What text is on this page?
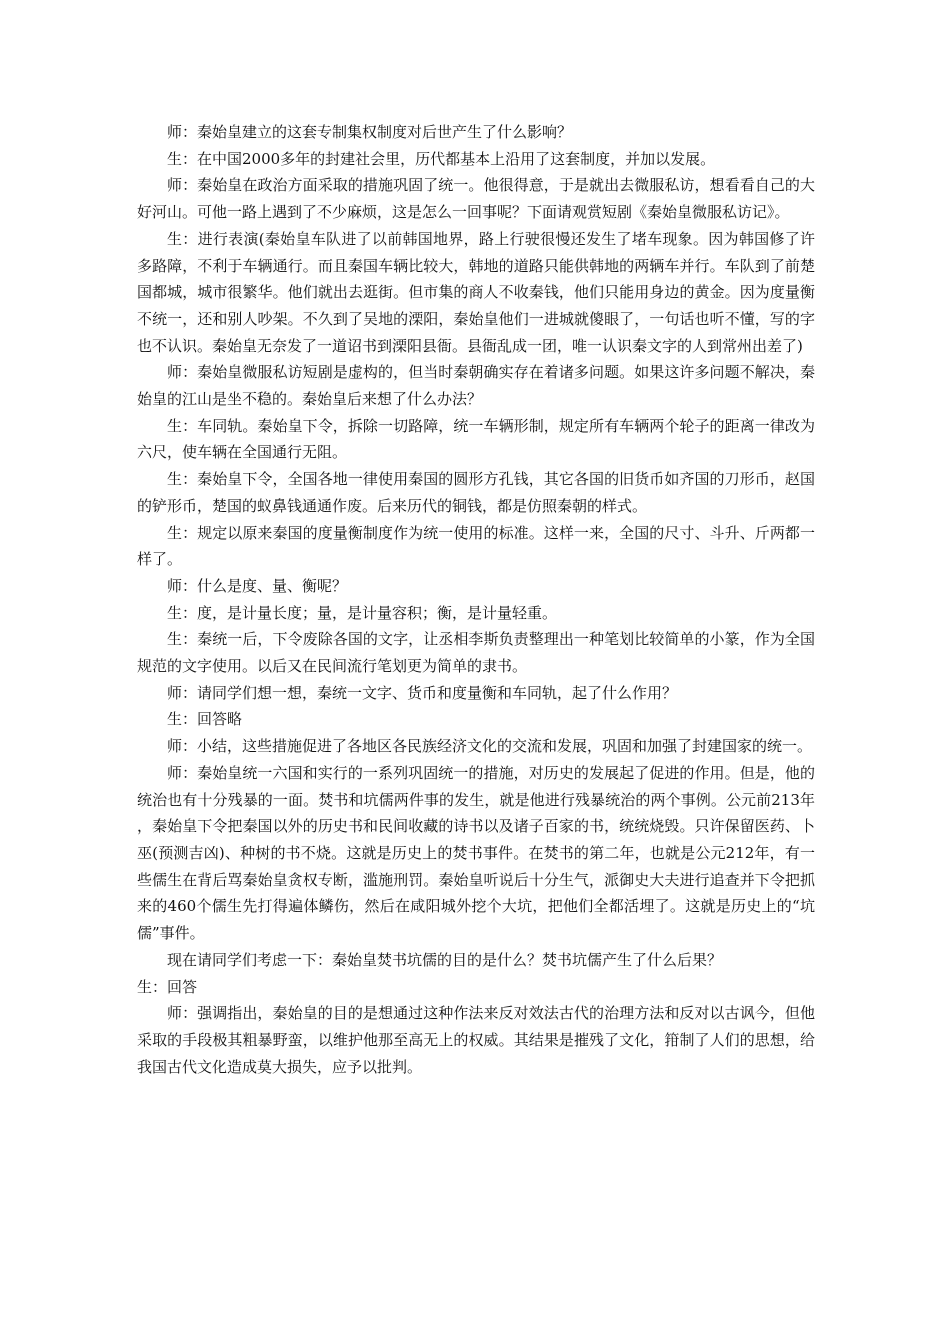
师：秦始皇建立的这套专制集权制度对后世产生了什么影响？

生：在中国2000多年的封建社会里，历代都基本上沿用了这套制度，并加以发展。

师：秦始皇在政治方面采取的措施巩固了统一。他很得意，于是就出去微服私访，想看看自己的大好河山。可他一路上遇到了不少麻烦，这是怎么一回事呢？下面请观赏短剧《秦始皇微服私访记》。

生：进行表演(秦始皇车队进了以前韩国地界，路上行驶很慢还发生了堵车现象。因为韩国修了许多路障，不利于车辆通行。而且秦国车辆比较大，韩地的道路只能供韩地的两辆车并行。车队到了前楚国都城，城市很繁华。他们就出去逛街。但市集的商人不收秦钱，他们只能用身边的黄金。因为度量衡不统一，还和别人吵架。不久到了吴地的溧阳，秦始皇他们一进城就傻眼了，一句话也听不懂，写的字也不认识。秦始皇无奈发了一道诏书到溧阳县衙。县衙乱成一团，唯一认识秦文字的人到常州出差了)

师：秦始皇微服私访短剧是虚构的，但当时秦朝确实存在着诸多问题。如果这许多问题不解决，秦始皇的江山是坐不稳的。秦始皇后来想了什么办法？

生：车同轨。秦始皇下令，拆除一切路障，统一车辆形制，规定所有车辆两个轮子的距离一律改为六尺，使车辆在全国通行无阻。

生：秦始皇下令，全国各地一律使用秦国的圆形方孔钱，其它各国的旧货币如齐国的刀形币，赵国的铲形币，楚国的蚁鼻钱通通作废。后来历代的铜钱，都是仿照秦朝的样式。

生：规定以原来秦国的度量衡制度作为统一使用的标准。这样一来，全国的尺寸、斗升、斤两都一样了。

师：什么是度、量、衡呢？

生：度，是计量长度；量，是计量容积；衡，是计量轻重。

生：秦统一后，下令废除各国的文字，让丞相李斯负责整理出一种笔划比较简单的小篆，作为全国规范的文字使用。以后又在民间流行笔划更为简单的隶书。

师：请同学们想一想，秦统一文字、货币和度量衡和车同轨，起了什么作用？

生：回答略

师：小结，这些措施促进了各地区各民族经济文化的交流和发展，巩固和加强了封建国家的统一。

师：秦始皇统一六国和实行的一系列巩固统一的措施，对历史的发展起了促进的作用。但是，他的统治也有十分残暴的一面。焚书和坑儒两件事的发生，就是他进行残暴统治的两个事例。公元前213年，秦始皇下令把秦国以外的历史书和民间收藏的诗书以及诸子百家的书，统统烧毁。只许保留医药、卜巫(预测吉凶)、种树的书不烧。这就是历史上的焚书事件。在焚书的第二年，也就是公元212年，有一些儒生在背后骂秦始皇贪权专断，滥施刑罚。秦始皇听说后十分生气，派御史大夫进行追查并下令把抓来的460个儒生先打得遍体鳞伤，然后在咸阳城外挖个大坑，把他们全都活埋了。这就是历史上的“坑儒”事件。

现在请同学们考虑一下：秦始皇焚书坑儒的目的是什么？焚书坑儒产生了什么后果？

生：回答

师：强调指出，秦始皇的目的是想通过这种作法来反对效法古代的治理方法和反对以古讽今，但他采取的手段极其粗暴野蛮，以维护他那至高无上的权威。其结果是摧残了文化，箝制了人们的思想，给我国古代文化造成莫大损失，应予以批判。
